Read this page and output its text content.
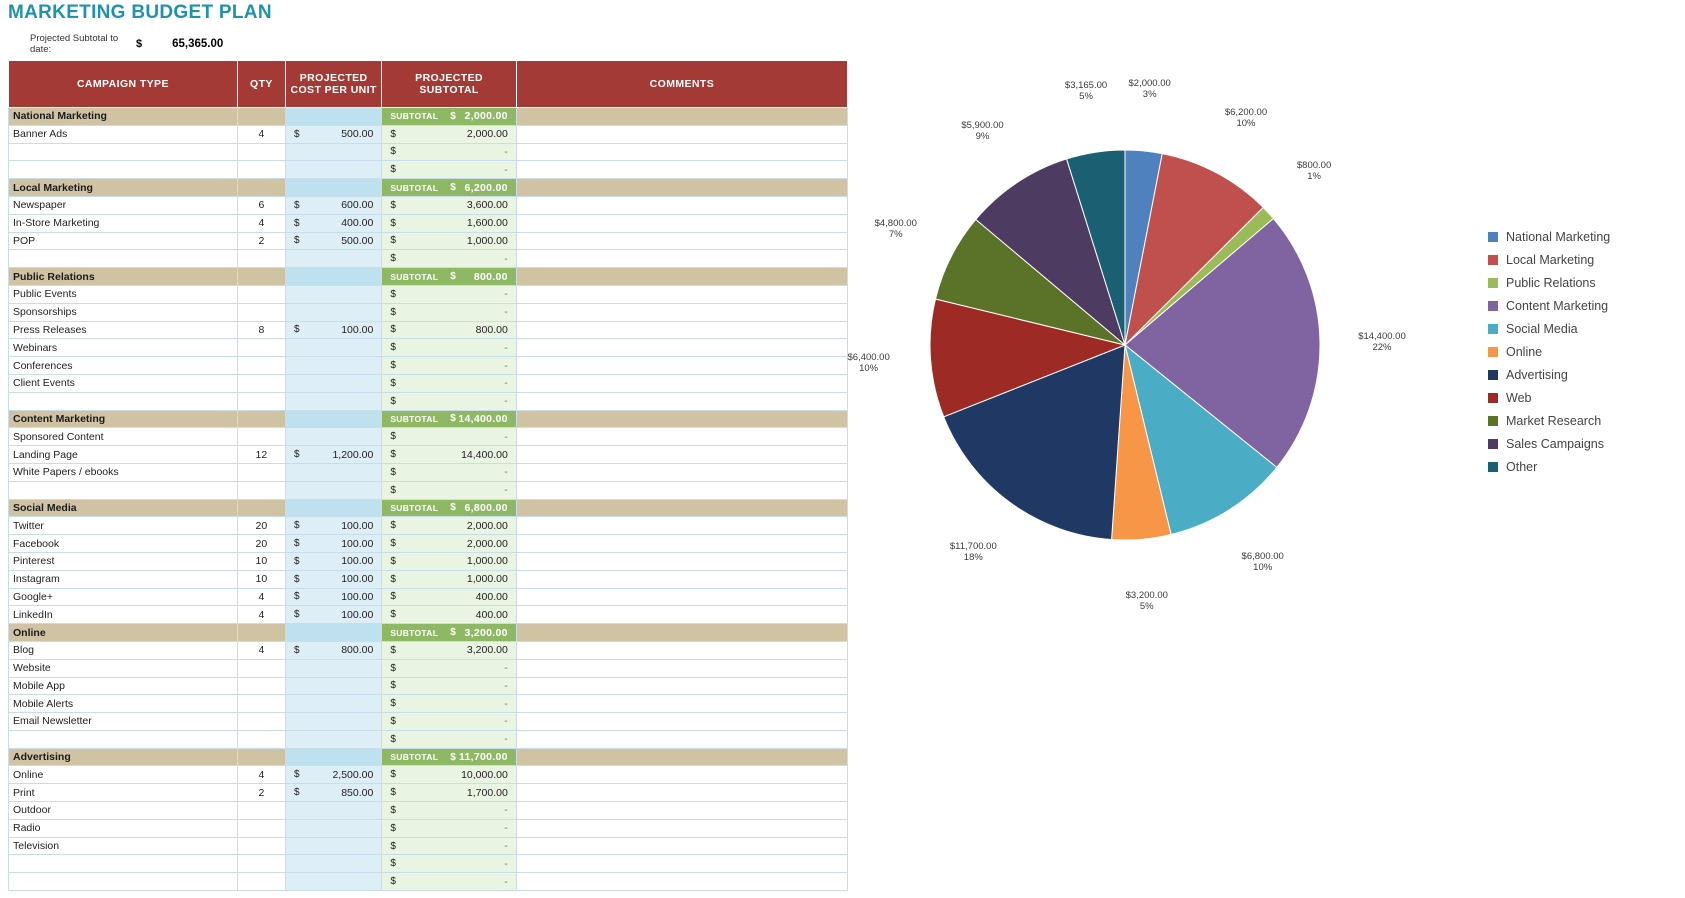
MARKETING BUDGET PLAN
Projected Subtotal to date:	$	65,365.00
CAMPAIGN TYPE	QTY	PROJECTED COST PER UNIT	PROJECTED SUBTOTAL	COMMENTS
National Marketing			SUBTOTAL $ 2,000.00	

Banner Ads	4	$ 500.00	$ 2,000.00	

			$ -	

			$ -	

Local Marketing			SUBTOTAL $ 6,200.00	

Newspaper	6	$ 600.00	$ 3,600.00	

In-Store Marketing	4	$ 400.00	$ 1,600.00	

POP	2	$ 500.00	$ 1,000.00	

			$ -	

Public Relations			SUBTOTAL $ 800.00	

Public Events			$ -	

Sponsorships			$ -	

Press Releases	8	$ 100.00	$ 800.00	

Webinars			$ -	

Conferences			$ -	

Client Events			$ -	

			$ -	

Content Marketing			SUBTOTAL $ 14,400.00	

Sponsored Content			$ -	

Landing Page	12	$ 1,200.00	$ 14,400.00	

White Papers / ebooks			$ -	

			$ -	

Social Media			SUBTOTAL $ 6,800.00	

Twitter	20	$ 100.00	$ 2,000.00	

Facebook	20	$ 100.00	$ 2,000.00	

Pinterest	10	$ 100.00	$ 1,000.00	

Instagram	10	$ 100.00	$ 1,000.00	

Google+	4	$ 100.00	$ 400.00	

LinkedIn	4	$ 100.00	$ 400.00	

Online			SUBTOTAL $ 3,200.00	

Blog	4	$ 800.00	$ 3,200.00	

Website			$ -	

Mobile App			$ -	

Mobile Alerts			$ -	

Email Newsletter			$ -	

			$ -	

Advertising			SUBTOTAL $ 11,700.00	

Online	4	$ 2,500.00	$ 10,000.00	

Print	2	$ 850.00	$ 1,700.00	

Outdoor			$ -	

Radio			$ -	

Television			$ -	

			$ -	

			$ -	

$2,000.00
3%
$6,200.00
10%
$800.00
1%
$14,400.00
22%
$6,800.00
10%
$3,200.00
5%
$11,700.00
18%
$6,400.00
10%
$4,800.00
7%
$5,900.00
9%
$3,165.00
5%
National Marketing
Local Marketing
Public Relations
Content Marketing
Social Media
Online
Advertising
Web
Market Research
Sales Campaigns
Other
